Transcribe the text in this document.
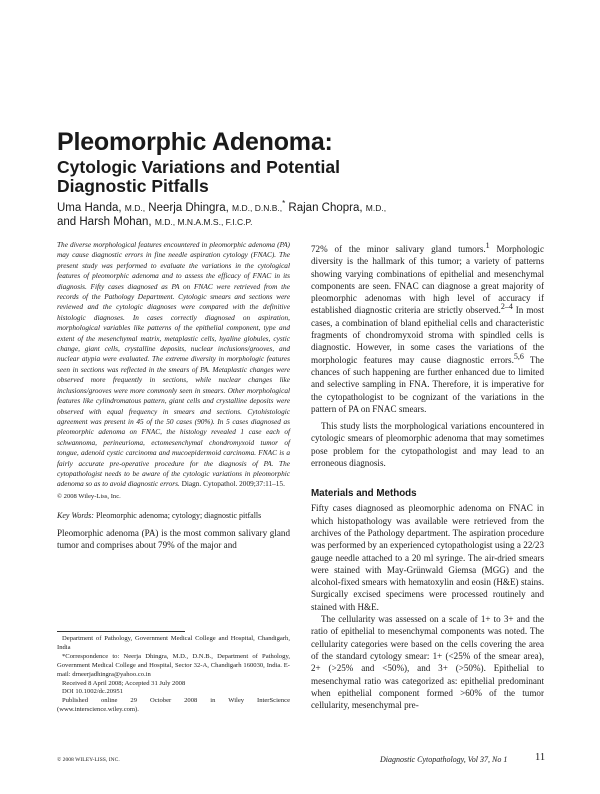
Pleomorphic Adenoma:
Cytologic Variations and Potential
Diagnostic Pitfalls
Uma Handa, M.D., Neerja Dhingra, M.D., D.N.B.,* Rajan Chopra, M.D.,
and Harsh Mohan, M.D., M.N.A.M.S., F.I.C.P.

The diverse morphological features encountered in pleomorphic adenoma (PA) may cause diagnostic errors in fine needle aspiration cytology (FNAC). The present study was performed to evaluate the variations in the cytological features of pleomorphic adenoma and to assess the efficacy of FNAC in its diagnosis. Fifty cases diagnosed as PA on FNAC were retrieved from the records of the Pathology Department. Cytologic smears and sections were reviewed and the cytologic diagnoses were compared with the definitive histologic diagnoses. In cases correctly diagnosed on aspiration, morphological variables like patterns of the epithelial component, type and extent of the mesenchymal matrix, metaplastic cells, hyaline globules, cystic change, giant cells, crystalline deposits, nuclear inclusions/grooves, and nuclear atypia were evaluated. The extreme diversity in morphologic features seen in sections was reflected in the smears of PA. Metaplastic changes were observed more frequently in sections, while nuclear changes like inclusions/grooves were more commonly seen in smears. Other morphological features like cylindromatous pattern, giant cells and crystalline deposits were observed with equal frequency in smears and sections. Cytohistologic agreement was present in 45 of the 50 cases (90%). In 5 cases diagnosed as pleomorphic adenoma on FNAC, the histology revealed 1 case each of schwannoma, perineurioma, ectomesenchymal chondromyxoid tumor of tongue, adenoid cystic carcinoma and mucoepidermoid carcinoma. FNAC is a fairly accurate pre-operative procedure for the diagnosis of PA. The cytopathologist needs to be aware of the cytologic variations in pleomorphic adenoma so as to avoid diagnostic errors. Diagn. Cytopathol. 2009;37:11–15.

© 2008 Wiley-Liss, Inc.

Key Words: Pleomorphic adenoma; cytology; diagnostic pitfalls

Pleomorphic adenoma (PA) is the most common salivary gland tumor and comprises about 79% of the major and

72% of the minor salivary gland tumors.$^1$ Morphologic diversity is the hallmark of this tumor; a variety of patterns showing varying combinations of epithelial and mesenchymal components are seen. FNAC can diagnose a great majority of pleomorphic adenomas with high level of accuracy if established diagnostic criteria are strictly observed.$^{2-4}$ In most cases, a combination of bland epithelial cells and characteristic fragments of chondromyxoid stroma with spindled cells is diagnostic. However, in some cases the variations of the morphologic features may cause diagnostic errors.$^{5,6}$ The chances of such happening are further enhanced due to limited and selective sampling in FNA. Therefore, it is imperative for the cytopathologist to be cognizant of the variations in the pattern of PA on FNAC smears.

This study lists the morphological variations encountered in cytologic smears of pleomorphic adenoma that may sometimes pose problem for the cytopathologist and may lead to an erroneous diagnosis.

Materials and Methods

Fifty cases diagnosed as pleomorphic adenoma on FNAC in which histopathology was available were retrieved from the archives of the Pathology department. The aspiration procedure was performed by an experienced cytopathologist using a 22/23 gauge needle attached to a 20 ml syringe. The air-dried smears were stained with May-Grünwald Giemsa (MGG) and the alcohol-fixed smears with hematoxylin and eosin (H&E) stains. Surgically excised specimens were processed routinely and stained with H&E.

The cellularity was assessed on a scale of 1+ to 3+ and the ratio of epithelial to mesenchymal components was noted. The cellularity categories were based on the cells covering the area of the standard cytology smear: 1+ (<25% of the smear area), 2+ (>25% and <50%), and 3+ (>50%). Epithelial to mesenchymal ratio was categorized as: epithelial predominant when epithelial component formed >60% of the tumor cellularity, mesenchymal pre-

Department of Pathology, Government Medical College and Hospital, Chandigarh, India

*Correspondence to: Neerja Dhingra, M.D., D.N.B., Department of Pathology, Government Medical College and Hospital, Sector 32-A, Chandigarh 160030, India. E-mail: drneerjadhingra@yahoo.co.in

Received 8 April 2008; Accepted 31 July 2008

DOI 10.1002/dc.20951

Published online 29 October 2008 in Wiley InterScience (www.interscience.wiley.com).

© 2008 WILEY-LISS, INC.	Diagnostic Cytopathology, Vol 37, No 1	11
